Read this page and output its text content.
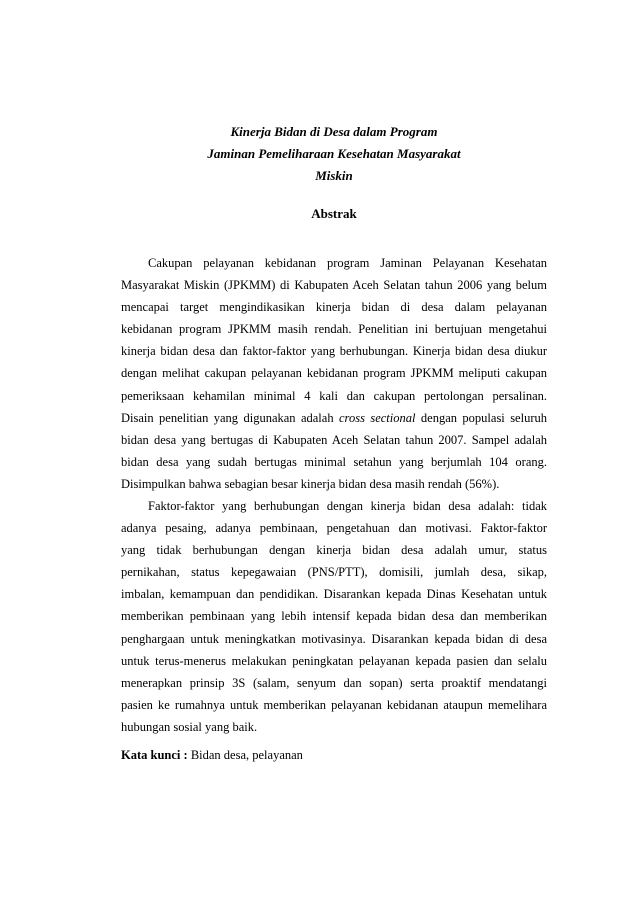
Kinerja Bidan di Desa dalam Program
Jaminan Pemeliharaan Kesehatan Masyarakat
Miskin
Abstrak
Cakupan pelayanan kebidanan program Jaminan Pelayanan Kesehatan
Masyarakat Miskin (JPKMM) di Kabupaten Aceh Selatan tahun 2006 yang belum
mencapai target mengindikasikan kinerja bidan di desa dalam pelayanan
kebidanan program JPKMM masih rendah. Penelitian ini bertujuan mengetahui
kinerja bidan desa dan faktor-faktor yang berhubungan. Kinerja bidan desa diukur
dengan melihat cakupan pelayanan kebidanan program JPKMM meliputi cakupan
pemeriksaan kehamilan minimal 4 kali dan cakupan pertolongan persalinan.
Disain penelitian yang digunakan adalah cross sectional dengan populasi seluruh
bidan desa yang bertugas di Kabupaten Aceh Selatan tahun 2007. Sampel adalah
bidan desa yang sudah bertugas minimal setahun yang berjumlah 104 orang.
Disimpulkan bahwa sebagian besar kinerja bidan desa masih rendah (56%).
Faktor-faktor yang berhubungan dengan kinerja bidan desa adalah: tidak
adanya pesaing, adanya pembinaan, pengetahuan dan motivasi. Faktor-faktor
yang tidak berhubungan dengan kinerja bidan desa adalah umur, status
pernikahan, status kepegawaian (PNS/PTT), domisili, jumlah desa, sikap,
imbalan, kemampuan dan pendidikan. Disarankan kepada Dinas Kesehatan untuk
memberikan pembinaan yang lebih intensif kepada bidan desa dan memberikan
penghargaan untuk meningkatkan motivasinya. Disarankan kepada bidan di desa
untuk terus-menerus melakukan peningkatan pelayanan kepada pasien dan selalu
menerapkan prinsip 3S (salam, senyum dan sopan) serta proaktif mendatangi
pasien ke rumahnya untuk memberikan pelayanan kebidanan ataupun memelihara
hubungan sosial yang baik.
Kata kunci : Bidan desa, pelayanan
